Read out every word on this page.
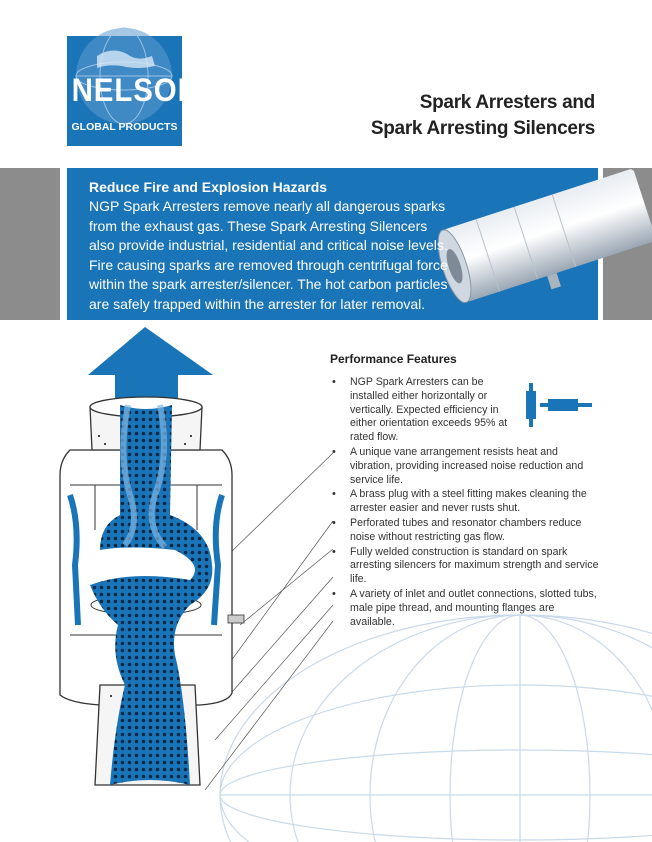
NELSON
GLOBAL PRODUCTS
Spark Arresters and
Spark Arresting Silencers
Reduce Fire and Explosion Hazards
NGP Spark Arresters remove nearly all dangerous sparks from the exhaust gas. These Spark Arresting Silencers also provide industrial, residential and critical noise levels. Fire causing sparks are removed through centrifugal force within the spark arrester/silencer. The hot carbon particles are safely trapped within the arrester for later removal.
Performance Features
• NGP Spark Arresters can be installed either horizontally or vertically. Expected efficiency in either orientation exceeds 95% at rated flow.
• A unique vane arrangement resists heat and vibration, providing increased noise reduction and service life.
• A brass plug with a steel fitting makes cleaning the arrester easier and never rusts shut.
• Perforated tubes and resonator chambers reduce noise without restricting gas flow.
• Fully welded construction is standard on spark arresting silencers for maximum strength and service life.
• A variety of inlet and outlet connections, slotted tubs, male pipe thread, and mounting flanges are available.
